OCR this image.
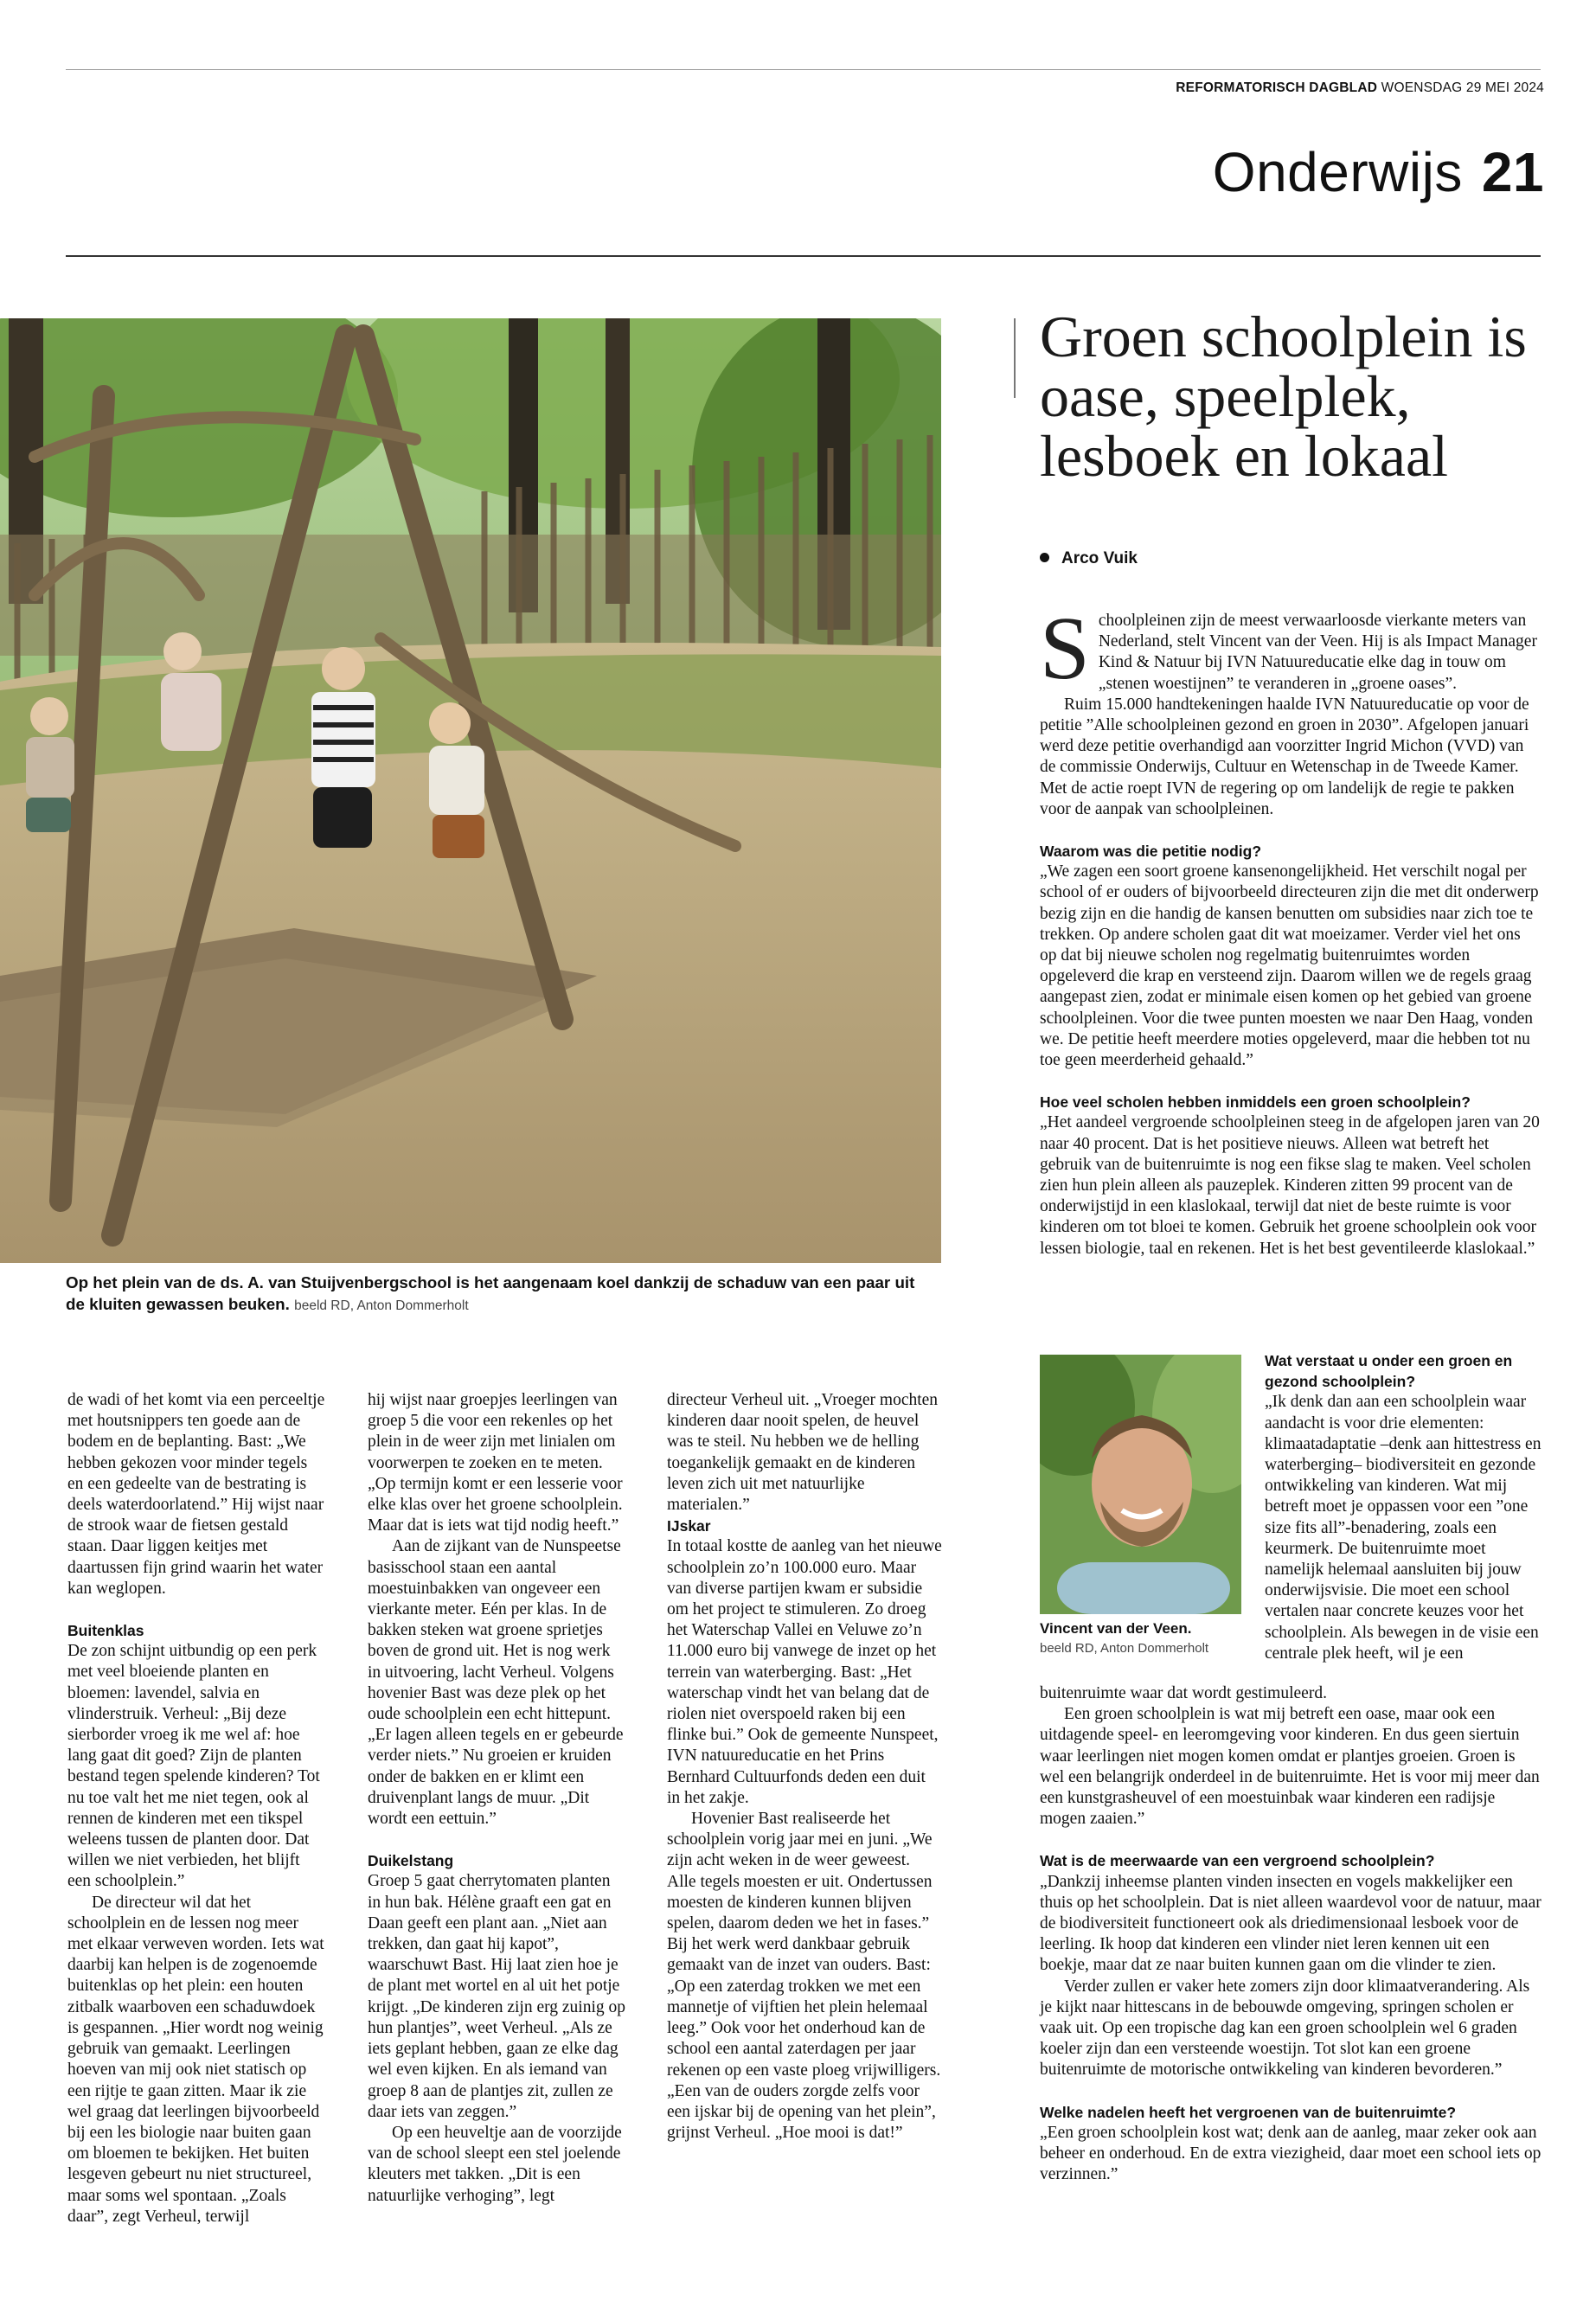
REFORMATORISCH DAGBLAD WOENSDAG 29 MEI 2024
Onderwijs 21
Op het plein van de ds. A. van Stuijvenbergschool is het aangenaam koel dankzij de schaduw van een paar uit de kluiten gewassen beuken. beeld RD, Anton Dommerholt
Groen schoolplein is oase, speelplek, lesboek en lokaal
Arco Vuik

Schoolpleinen zijn de meest verwaarloosde vierkante meters van Nederland, stelt Vincent van der Veen. Hij is als Impact Manager Kind & Natuur bij IVN Natuureducatie elke dag in touw om „stenen woestijnen” te veranderen in „groene oases”.

Ruim 15.000 handtekeningen haalde IVN Natuureducatie op voor de petitie ”Alle schoolpleinen gezond en groen in 2030”. Afgelopen januari werd deze petitie overhandigd aan voorzitter Ingrid Michon (VVD) van de commissie Onderwijs, Cultuur en Wetenschap in de Tweede Kamer. Met de actie roept IVN de regering op om landelijk de regie te pakken voor de aanpak van schoolpleinen.

Waarom was die petitie nodig?

„We zagen een soort groene kansenongelijkheid. Het verschilt nogal per school of er ouders of bijvoorbeeld directeuren zijn die met dit onderwerp bezig zijn en die handig de kansen benutten om subsidies naar zich toe te trekken. Op andere scholen gaat dit wat moeizamer. Verder viel het ons op dat bij nieuwe scholen nog regelmatig buitenruimtes worden opgeleverd die krap en versteend zijn. Daarom willen we de regels graag aangepast zien, zodat er minimale eisen komen op het gebied van groene schoolpleinen. Voor die twee punten moesten we naar Den Haag, vonden we. De petitie heeft meerdere moties opgeleverd, maar die hebben tot nu toe geen meerderheid gehaald.”

Hoe veel scholen hebben inmiddels een groen schoolplein?

„Het aandeel vergroende schoolpleinen steeg in de afgelopen jaren van 20 naar 40 procent. Dat is het positieve nieuws. Alleen wat betreft het gebruik van de buitenruimte is nog een fikse slag te maken. Veel scholen zien hun plein alleen als pauzeplek. Kinderen zitten 99 procent van de onderwijstijd in een klaslokaal, terwijl dat niet de beste ruimte is voor kinderen om tot bloei te komen. Gebruik het groene schoolplein ook voor lessen biologie, taal en rekenen. Het is het best geventileerde klaslokaal.”

de wadi of het komt via een perceeltje met houtsnippers ten goede aan de bodem en de beplanting. Bast: „We hebben gekozen voor minder tegels en een gedeelte van de bestrating is deels waterdoorlatend.” Hij wijst naar de strook waar de fietsen gestald staan. Daar liggen keitjes met daartussen fijn grind waarin het water kan weglopen.

Buitenklas

De zon schijnt uitbundig op een perk met veel bloeiende planten en bloemen: lavendel, salvia en vlinderstruik. Verheul: „Bij deze sierborder vroeg ik me wel af: hoe lang gaat dit goed? Zijn de planten bestand tegen spelende kinderen? Tot nu toe valt het me niet tegen, ook al rennen de kinderen met een tikspel weleens tussen de planten door. Dat willen we niet verbieden, het blijft een schoolplein.”

De directeur wil dat het schoolplein en de lessen nog meer met elkaar verweven worden. Iets wat daarbij kan helpen is de zogenoemde buitenklas op het plein: een houten zitbalk waarboven een schaduwdoek is gespannen. „Hier wordt nog weinig gebruik van gemaakt. Leerlingen hoeven van mij ook niet statisch op een rijtje te gaan zitten. Maar ik zie wel graag dat leerlingen bijvoorbeeld bij een les biologie naar buiten gaan om bloemen te bekijken. Het buiten lesgeven gebeurt nu niet structureel, maar soms wel spontaan. „Zoals daar”, zegt Verheul, terwijl

hij wijst naar groepjes leerlingen van groep 5 die voor een rekenles op het plein in de weer zijn met linialen om voorwerpen te zoeken en te meten. „Op termijn komt er een lesserie voor elke klas over het groene schoolplein. Maar dat is iets wat tijd nodig heeft.”

Aan de zijkant van de Nunspeetse basisschool staan een aantal moestuinbakken van ongeveer een vierkante meter. Eén per klas. In de bakken steken wat groene sprietjes boven de grond uit. Het is nog werk in uitvoering, lacht Verheul. Volgens hovenier Bast was deze plek op het oude schoolplein een echt hittepunt. „Er lagen alleen tegels en er gebeurde verder niets.” Nu groeien er kruiden onder de bakken en er klimt een druivenplant langs de muur. „Dit wordt een eettuin.”

Duikelstang

Groep 5 gaat cherrytomaten planten in hun bak. Hélène graaft een gat en Daan geeft een plant aan. „Niet aan trekken, dan gaat hij kapot”, waarschuwt Bast. Hij laat zien hoe je de plant met wortel en al uit het potje krijgt. „De kinderen zijn erg zuinig op hun plantjes”, weet Verheul. „Als ze iets geplant hebben, gaan ze elke dag wel even kijken. En als iemand van groep 8 aan de plantjes zit, zullen ze daar iets van zeggen.”

Op een heuveltje aan de voorzijde van de school sleept een stel joelende kleuters met takken. „Dit is een natuurlijke verhoging”, legt

directeur Verheul uit. „Vroeger mochten kinderen daar nooit spelen, de heuvel was te steil. Nu hebben we de helling toegankelijk gemaakt en de kinderen leven zich uit met natuurlijke materialen.”

IJskar

In totaal kostte de aanleg van het nieuwe schoolplein zo’n 100.000 euro. Maar van diverse partijen kwam er subsidie om het project te stimuleren. Zo droeg het Waterschap Vallei en Veluwe zo’n 11.000 euro bij vanwege de inzet op het terrein van waterberging. Bast: „Het waterschap vindt het van belang dat de riolen niet overspoeld raken bij een flinke bui.” Ook de gemeente Nunspeet, IVN natuureducatie en het Prins Bernhard Cultuurfonds deden een duit in het zakje.

Hovenier Bast realiseerde het schoolplein vorig jaar mei en juni. „We zijn acht weken in de weer geweest. Alle tegels moesten er uit. Ondertussen moesten de kinderen kunnen blijven spelen, daarom deden we het in fases.” Bij het werk werd dankbaar gebruik gemaakt van de inzet van ouders. Bast: „Op een zaterdag trokken we met een mannetje of vijftien het plein helemaal leeg.” Ook voor het onderhoud kan de school een aantal zaterdagen per jaar rekenen op een vaste ploeg vrijwilligers. „Een van de ouders zorgde zelfs voor een ijskar bij de opening van het plein”, grijnst Verheul. „Hoe mooi is dat!”

Vincent van der Veen.
beeld RD, Anton Dommerholt
Wat verstaat u onder een groen en gezond schoolplein?

„Ik denk dan aan een schoolplein waar aandacht is voor drie elementen: klimaatadaptatie –denk aan hittestress en waterberging– biodiversiteit en gezonde ontwikkeling van kinderen. Wat mij betreft moet je oppassen voor een ”one size fits all”-benadering, zoals een keurmerk. De buitenruimte moet namelijk helemaal aansluiten bij jouw onderwijsvisie. Die moet een school vertalen naar concrete keuzes voor het schoolplein. Als bewegen in de visie een centrale plek heeft, wil je een

buitenruimte waar dat wordt gestimuleerd.

Een groen schoolplein is wat mij betreft een oase, maar ook een uitdagende speel- en leeromgeving voor kinderen. En dus geen siertuin waar leerlingen niet mogen komen omdat er plantjes groeien. Groen is wel een belangrijk onderdeel in de buitenruimte. Het is voor mij meer dan een kunstgrasheuvel of een moestuinbak waar kinderen een radijsje mogen zaaien.”

Wat is de meerwaarde van een vergroend schoolplein?

„Dankzij inheemse planten vinden insecten en vogels makkelijker een thuis op het schoolplein. Dat is niet alleen waardevol voor de natuur, maar de biodiversiteit functioneert ook als driedimensionaal lesboek voor de leerling. Ik hoop dat kinderen een vlinder niet leren kennen uit een boekje, maar dat ze naar buiten kunnen gaan om die vlinder te zien.

Verder zullen er vaker hete zomers zijn door klimaatverandering. Als je kijkt naar hittescans in de bebouwde omgeving, springen scholen er vaak uit. Op een tropische dag kan een groen schoolplein wel 6 graden koeler zijn dan een versteende woestijn. Tot slot kan een groene buitenruimte de motorische ontwikkeling van kinderen bevorderen.”

Welke nadelen heeft het vergroenen van de buitenruimte?

„Een groen schoolplein kost wat; denk aan de aanleg, maar zeker ook aan beheer en onderhoud. En de extra viezigheid, daar moet een school iets op verzinnen.”
